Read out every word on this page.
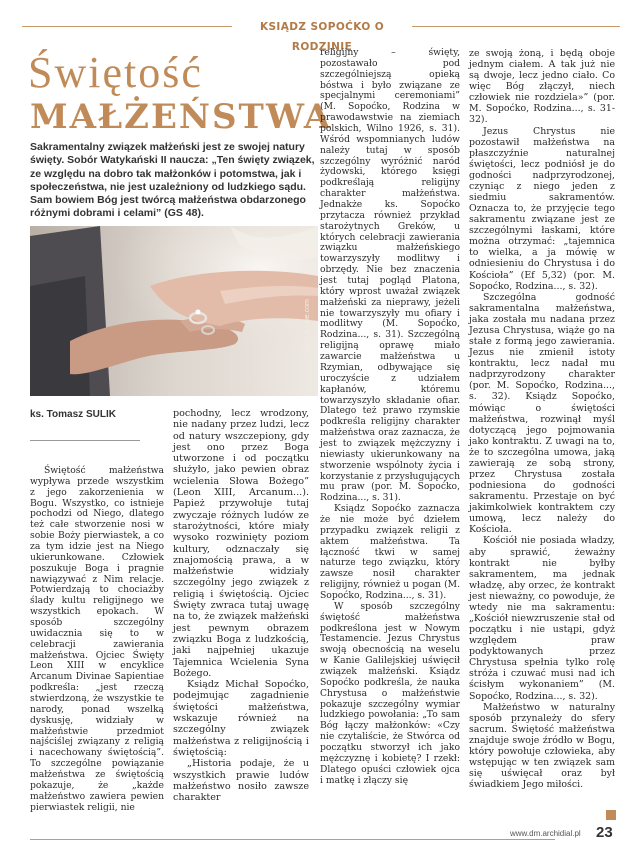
KSIĄDZ SOPOĆKO O RODZINIE
Świętość
MAŁŻEŃSTWA
Sakramentalny związek małżeński jest ze swojej natury święty. Sobór Watykański II naucza: „Ten święty związek, ze względu na dobro tak małżonków i potomstwa, jak i społeczeństwa, nie jest uzależniony od ludzkiego sądu. Sam bowiem Bóg jest twórcą małżeństwa obdarzonego różnymi dobrami i celami” (GS 48).
Stock.Adobe.com
ks. Tomasz SULIK

Świętość małżeństwa wypływa przede wszystkim z jego zakorzenienia w Bogu. Wszystko, co istnieje pochodzi od Niego, dlatego też całe stworzenie nosi w sobie Boży pierwiastek, a co za tym idzie jest na Niego ukierunkowane. Człowiek poszukuje Boga i pragnie nawiązywać z Nim relacje. Potwierdzają to chociażby ślady kultu religijnego we wszystkich epokach. W sposób szczególny uwidacznia się to w celebracji zawierania małżeństwa. Ojciec Święty Leon XIII w encyklice Arcanum Divinae Sapientiae podkreśla: „jest rzeczą stwierdzoną, że wszystkie te narody, ponad wszelką dyskusję, widziały w małżeństwie przedmiot najściślej związany z religią i nacechowany świętością”. To szczególne powiązanie małżeństwa ze świętością pokazuje, że „każde małżeństwo zawiera pewien pierwiastek religii, nie

pochodny, lecz wrodzony, nie nadany przez ludzi, lecz od natury wszczepiony, gdy jest ono przez Boga utworzone i od początku służyło, jako pewien obraz wcielenia Słowa Bożego” (Leon XIII, Arcanum...). Papież przywołuje tutaj zwyczaje różnych ludów ze starożytności, które miały wysoko rozwinięty poziom kultury, odznaczały się znajomością prawa, a w małżeństwie widziały szczególny jego związek z religią i świętością. Ojciec Święty zwraca tutaj uwagę na to, że związek małżeński jest pewnym obrazem związku Boga z ludzkością, jaki najpełniej ukazuje Tajemnica Wcielenia Syna Bożego.

Ksiądz Michał Sopoćko, podejmując zagadnienie świętości małżeństwa, wskazuje również na szczególny związek małżeństwa z religijnością i świętością:

„Historia podaje, że u wszystkich prawie ludów małżeństwo nosiło zawsze charakter

religijny – święty, pozostawało pod szczególniejszą opieką bóstwa i było związane ze specjalnymi ceremoniami” (M. Sopoćko, Rodzina w prawodawstwie na ziemiach polskich, Wilno 1926, s. 31). Wśród wspomnianych ludów należy tutaj w sposób szczególny wyróżnić naród żydowski, którego księgi podkreślają religijny charakter małżeństwa. Jednakże ks. Sopoćko przytacza również przykład starożytnych Greków, u których celebracji zawierania związku małżeńskiego towarzyszyły modlitwy i obrzędy. Nie bez znaczenia jest tutaj pogląd Platona, który wprost uważał związek małżeński za nieprawy, jeżeli nie towarzyszyły mu ofiary i modlitwy (M. Sopoćko, Rodzina..., s. 31). Szczególną religijną oprawę miało zawarcie małżeństwa u Rzymian, odbywające się uroczyście z udziałem kapłanów, któremu towarzyszyło składanie ofiar. Dlatego też prawo rzymskie podkreśla religijny charakter małżeństwa oraz zaznacza, że jest to związek mężczyzny i niewiasty ukierunkowany na stworzenie wspólnoty życia i korzystanie z przysługujących mu praw (por. M. Sopoćko, Rodzina..., s. 31).

Ksiądz Sopoćko zaznacza że nie może być dziełem przypadku związek religii z aktem małżeństwa. Ta łączność tkwi w samej naturze tego związku, który zawsze nosił charakter religijny, również u pogan (M. Sopoćko, Rodzina..., s. 31).

W sposób szczególny świętość małżeństwa podkreślona jest w Nowym Testamencie. Jezus Chrystus swoją obecnością na weselu w Kanie Galilejskiej uświęcił związek małżeński. Ksiądz Sopoćko podkreśla, że nauka Chrystusa o małżeństwie pokazuje szczególny wymiar ludzkiego powołania: „To sam Bóg łączy małżonków: «Czy nie czytaliście, że Stwórca od początku stworzył ich jako mężczyznę i kobietę? I rzekł: Dlatego opuści człowiek ojca i matkę i złączy się

ze swoją żoną, i będą oboje jednym ciałem. A tak już nie są dwoje, lecz jedno ciało. Co więc Bóg złączył, niech człowiek nie rozdziela»” (por. M. Sopoćko, Rodzina..., s. 31-32).

Jezus Chrystus nie pozostawił małżeństwa na płaszczyźnie naturalnej świętości, lecz podniósł je do godności nadprzyrodzonej, czyniąc z niego jeden z siedmiu sakramentów. Oznacza to, że przyjęcie tego sakramentu związane jest ze szczególnymi łaskami, które można otrzymać: „tajemnica to wielka, a ja mówię w odniesieniu do Chrystusa i do Kościoła” (Ef 5,32) (por. M. Sopoćko, Rodzina..., s. 32).

Szczególna godność sakramentalna małżeństwa, jaka została mu nadana przez Jezusa Chrystusa, wiąże go na stałe z formą jego zawierania. Jezus nie zmienił istoty kontraktu, lecz nadał mu nadprzyrodzony charakter (por. M. Sopoćko, Rodzina..., s. 32). Ksiądz Sopoćko, mówiąc o świętości małżeństwa, rozwinął myśl dotyczącą jego pojmowania jako kontraktu. Z uwagi na to, że to szczególna umowa, jaką zawierają ze sobą strony, przez Chrystusa została podniesiona do godności sakramentu. Przestaje on być jakimkolwiek kontraktem czy umową, lecz należy do Kościoła.

Kościół nie posiada władzy, aby sprawić, żeważny kontrakt nie byłby sakramentem, ma jednak władzę, aby orzec, że kontrakt jest nieważny, co powoduje, że wtedy nie ma sakramentu: „Kościół niewzruszenie stał od początku i nie ustąpi, gdyż względem praw podyktowanych przez Chrystusa spełnia tylko rolę stróża i czuwać musi nad ich ścisłym wykonaniem” (M. Sopoćko, Rodzina..., s. 32).

Małżeństwo w naturalny sposób przynależy do sfery sacrum. Świętość małżeństwa znajduje swoje źródło w Bogu, który powołuje człowieka, aby wstępując w ten związek sam się uświęcał oraz był świadkiem Jego miłości.

www.dm.archidial.pl 23
